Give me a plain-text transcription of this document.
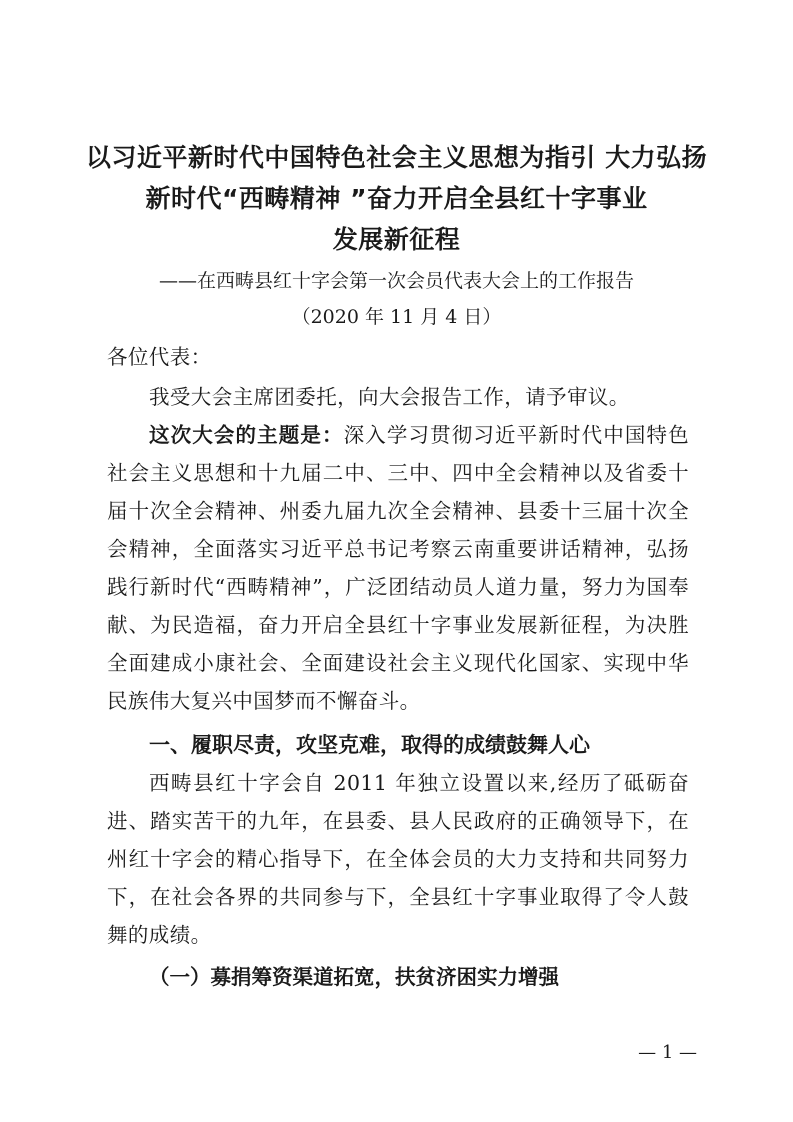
以习近平新时代中国特色社会主义思想为指引 大力弘扬
新时代“西畴精神 ”奋力开启全县红十字事业
发展新征程
——在西畴县红十字会第一次会员代表大会上的工作报告
（2020 年 11 月 4 日）

各位代表：

我受大会主席团委托，向大会报告工作，请予审议。

这次大会的主题是：深入学习贯彻习近平新时代中国特色社会主义思想和十九届二中、三中、四中全会精神以及省委十届十次全会精神、州委九届九次全会精神、县委十三届十次全会精神，全面落实习近平总书记考察云南重要讲话精神，弘扬践行新时代“西畴精神”，广泛团结动员人道力量，努力为国奉献、为民造福，奋力开启全县红十字事业发展新征程，为决胜全面建成小康社会、全面建设社会主义现代化国家、实现中华民族伟大复兴中国梦而不懈奋斗。

一、履职尽责，攻坚克难，取得的成绩鼓舞人心

西畴县红十字会自 2011 年独立设置以来,经历了砥砺奋进、踏实苦干的九年，在县委、县人民政府的正确领导下，在州红十字会的精心指导下，在全体会员的大力支持和共同努力下，在社会各界的共同参与下，全县红十字事业取得了令人鼓舞的成绩。

（一）募捐筹资渠道拓宽，扶贫济困实力增强
— 1 —
